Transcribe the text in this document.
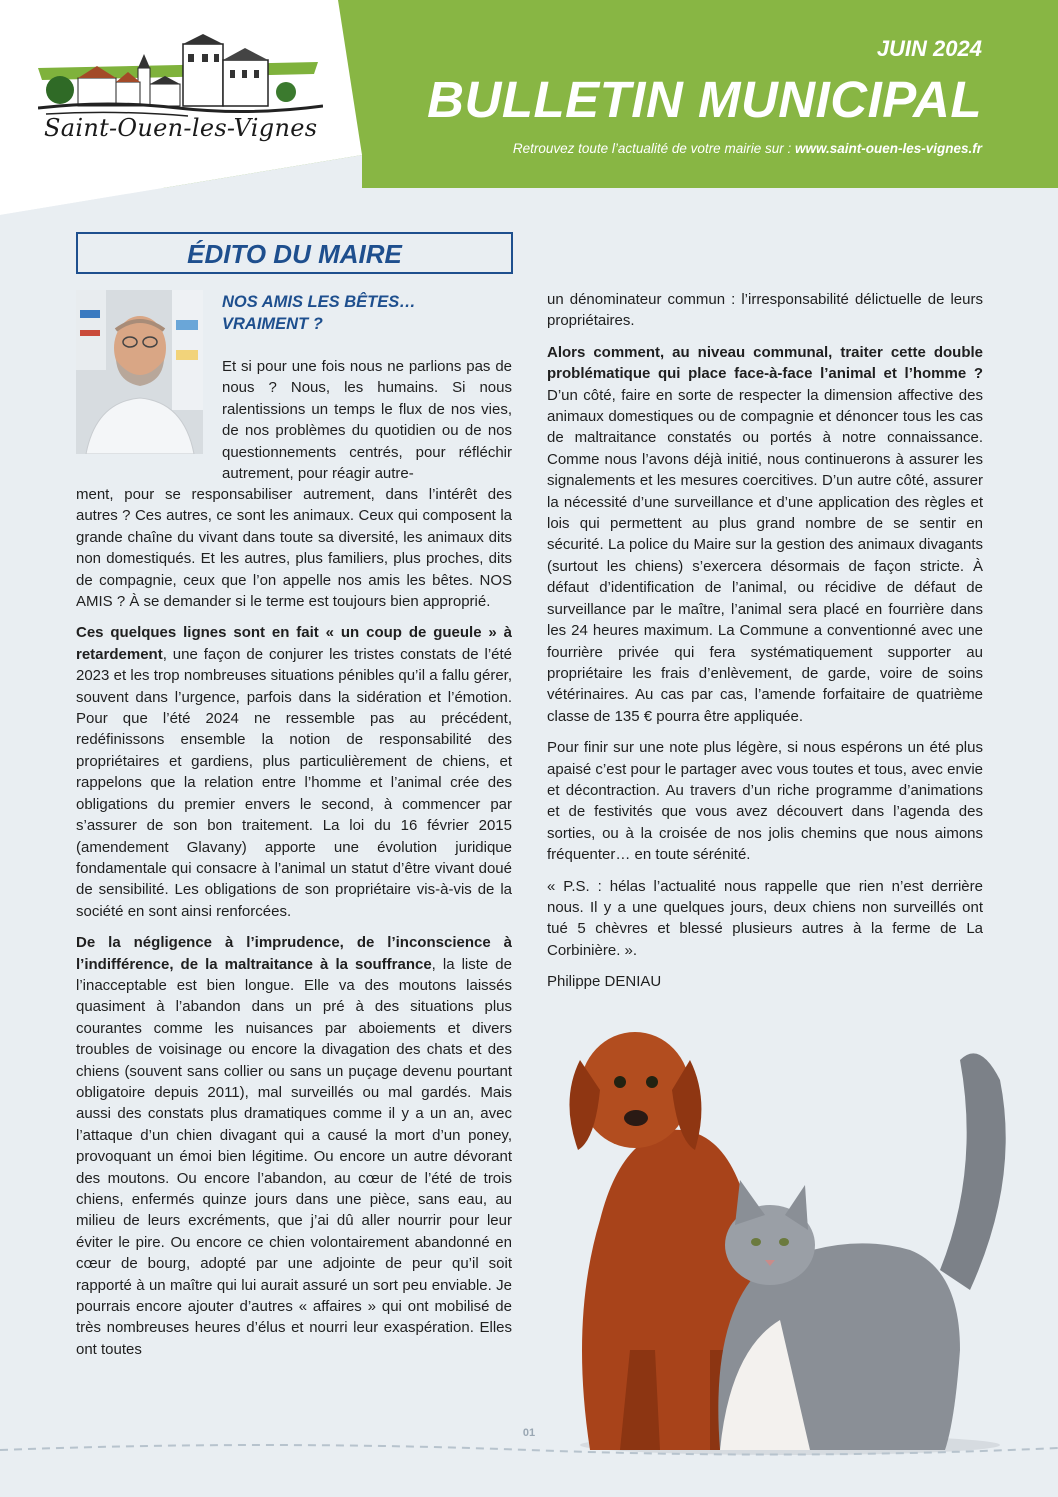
Saint-Ouen-les-Vignes
JUIN 2024
BULLETIN MUNICIPAL
Retrouvez toute l’actualité de votre mairie sur : www.saint-ouen-les-vignes.fr
ÉDITO DU MAIRE
NOS AMIS LES BÊTES…
VRAIMENT ?
Et si pour une fois nous ne parlions pas de nous ? Nous, les humains. Si nous ralentissions un temps le flux de nos vies, de nos problèmes du quotidien ou de nos questionnements centrés, pour réfléchir autrement, pour réagir autre-

ment, pour se responsabiliser autrement, dans l’intérêt des autres ? Ces autres, ce sont les animaux. Ceux qui composent la grande chaîne du vivant dans toute sa diversité, les animaux dits non domestiqués. Et les autres, plus familiers, plus proches, dits de compagnie, ceux que l’on appelle nos amis les bêtes. NOS AMIS ? À se demander si le terme est toujours bien approprié.

Ces quelques lignes sont en fait « un coup de gueule » à retardement, une façon de conjurer les tristes constats de l’été 2023 et les trop nombreuses situations pénibles qu’il a fallu gérer, souvent dans l’urgence, parfois dans la sidération et l’émotion. Pour que l’été 2024 ne ressemble pas au précédent, redéfinissons ensemble la notion de responsabilité des propriétaires et gardiens, plus particulièrement de chiens, et rappelons que la relation entre l’homme et l’animal crée des obligations du premier envers le second, à commencer par s’assurer de son bon traitement. La loi du 16 février 2015 (amendement Glavany) apporte une évolution juridique fondamentale qui consacre à l’animal un statut d’être vivant doué de sensibilité. Les obligations de son propriétaire vis-à-vis de la société en sont ainsi renforcées.

De la négligence à l’imprudence, de l’inconscience à l’indifférence, de la maltraitance à la souffrance, la liste de l’inacceptable est bien longue. Elle va des moutons laissés quasiment à l’abandon dans un pré à des situations plus courantes comme les nuisances par aboiements et divers troubles de voisinage ou encore la divagation des chats et des chiens (souvent sans collier ou sans un puçage devenu pourtant obligatoire depuis 2011), mal surveillés ou mal gardés. Mais aussi des constats plus dramatiques comme il y a un an, avec l’attaque d’un chien divagant qui a causé la mort d’un poney, provoquant un émoi bien légitime. Ou encore un autre dévorant des moutons. Ou encore l’abandon, au cœur de l’été de trois chiens, enfermés quinze jours dans une pièce, sans eau, au milieu de leurs excréments, que j’ai dû aller nourrir pour leur éviter le pire. Ou encore ce chien volontairement abandonné en cœur de bourg, adopté par une adjointe de peur qu’il soit rapporté à un maître qui lui aurait assuré un sort peu enviable. Je pourrais encore ajouter d’autres « affaires » qui ont mobilisé de très nombreuses heures d’élus et nourri leur exaspération. Elles ont toutes

un dénominateur commun : l’irresponsabilité délictuelle de leurs propriétaires.

Alors comment, au niveau communal, traiter cette double problématique qui place face-à-face l’animal et l’homme ? D’un côté, faire en sorte de respecter la dimension affective des animaux domestiques ou de compagnie et dénoncer tous les cas de maltraitance constatés ou portés à notre connaissance. Comme nous l’avons déjà initié, nous continuerons à assurer les signalements et les mesures coercitives. D’un autre côté, assurer la nécessité d’une surveillance et d’une application des règles et lois qui permettent au plus grand nombre de se sentir en sécurité. La police du Maire sur la gestion des animaux divagants (surtout les chiens) s’exercera désormais de façon stricte. À défaut d’identification de l’animal, ou récidive de défaut de surveillance par le maître, l’animal sera placé en fourrière dans les 24 heures maximum. La Commune a conventionné avec une fourrière privée qui fera systématiquement supporter au propriétaire les frais d’enlèvement, de garde, voire de soins vétérinaires. Au cas par cas, l’amende forfaitaire de quatrième classe de 135 € pourra être appliquée.

Pour finir sur une note plus légère, si nous espérons un été plus apaisé c’est pour le partager avec vous toutes et tous, avec envie et décontraction. Au travers d’un riche programme d’animations et de festivités que vous avez découvert dans l’agenda des sorties, ou à la croisée de nos jolis chemins que nous aimons fréquenter… en toute sérénité.

« P.S. : hélas l’actualité nous rappelle que rien n’est derrière nous. Il y a une quelques jours, deux chiens non surveillés ont tué 5 chèvres et blessé plusieurs autres à la ferme de La Corbinière. ».

Philippe DENIAU

01
